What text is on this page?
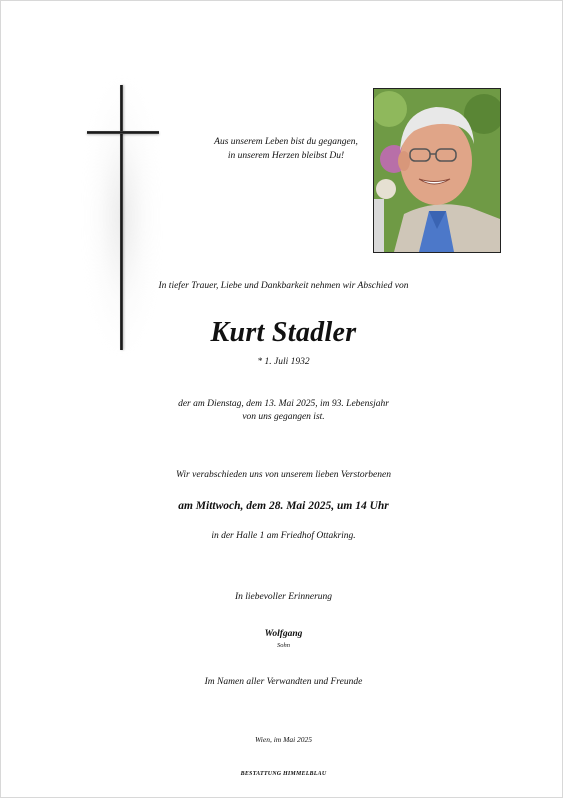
Aus unserem Leben bist du gegangen,
in unserem Herzen bleibst Du!
In tiefer Trauer, Liebe und Dankbarkeit nehmen wir Abschied von
Kurt Stadler
* 1. Juli 1932
der am Dienstag, dem 13. Mai 2025, im 93. Lebensjahr
von uns gegangen ist.
Wir verabschieden uns von unserem lieben Verstorbenen
am Mittwoch, dem 28. Mai 2025, um 14 Uhr
in der Halle 1 am Friedhof Ottakring.
In liebevoller Erinnerung
Wolfgang
Sohn
Im Namen aller Verwandten und Freunde
Wien, im Mai 2025
BESTATTUNG HIMMELBLAU
